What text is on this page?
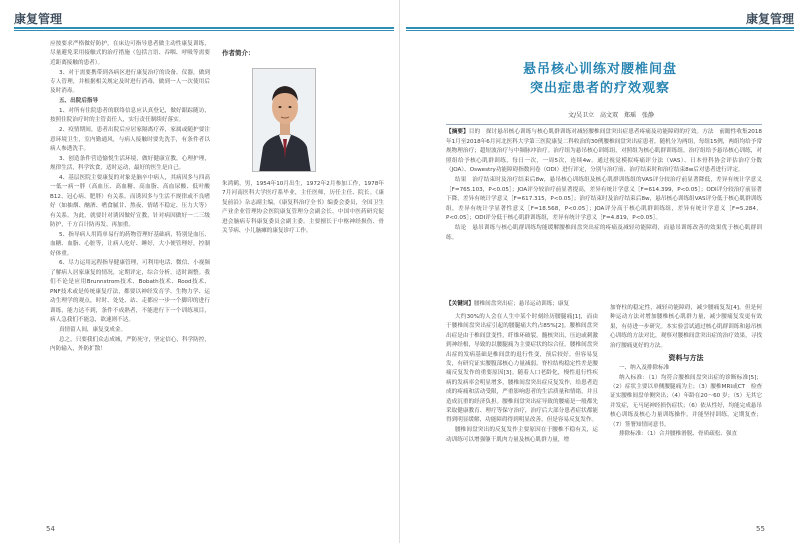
康复管理

应按要求严格做好防护，在床边可指导患者做主动性康复训练，尽量避免采用接触式的治疗措施（包括言语、吞咽、呼吸等需要近距离接触的患者）。

3、对于需要携带到各病区进行康复治疗的设备、仪器，做到专人管理，并根据相关规定及时进行消毒，做到一人一次使用后及时消毒。

五、出院后指导

1、对所有住院患者的联络信息应认真登记，做好跟踪随访，按照住院治疗时的主管责任人，实行责任制续好落实。

2、疫情期间，患者出院后应居家隔离疗养，家属或随护要注意环境卫生，室内勤通风，与病人接触时要先洗手，有条件者以病人参透洗手。

3、创造条件营造愉悦生活环境，做好健康宣教，心理护理，规律生活，科学饮食，适时运动，最好的医生是自己。

4、基层医院主要康复的对象是脑卒中病人，其病因多与四高一低一病一胖（高血压、高血糖、高血脂、高血尿酸、低叶酸　B12、冠心病、肥胖）有关系。而诱因多与生活不规律或不良嗜好（如抽烟、酗酒、嗜食腻甘、熬夜、情绪不稳定、压力大等）有关系。为此，就要针对诱因做好宣教，针对病因做好一二三级防护，千方百计防再发、再加重。

5、指导病人用简单易行的药物管理好基础病，特别是血压、血糖、血脂、心脏等，让病人吃好、睡好，大小便管理好，控制好体重。

6、尽力运用远程指导健康管理，可利用电话、微信、小视频了解病人居家康复的情况，定期评定，综合分析，适时调整。我们不论是应用Brunnstrom技术、Bobath技术、Rood技术、PNF技术或是传统康复疗法，都要以神经发育学、生物力学、运动生理学的观点，时时、处处、站、走都应一步一个脚印的进行训练，能力达不到，条件不成熟者，不能进行下一个训练项目，病人急我们不能急，欲速则不达。

真情留人间，康复变成金。

总之，只要我们众志成城，严防死守，坚定信心，科学防控，内防输入，外防扩散！

作者简介：

朱鸿鹤，男，1954年10月出生，1972年2月参加工作，1978年7月河南医科大学医疗系毕业，主任医师，历任主任、院长。《康复前沿》杂志副主编，《康复科治疗全书》编委会委员，全国卫生产业企业管理协会医院康复管理分会副会长、中国中医药研究促进会脑病专科康复委员会副主委。主要擅长于中枢神经损伤、骨关节病、小儿脑瘫的康复诊疗工作。

54
康复管理
悬吊核心训练对腰椎间盘
突出症患者的疗效观察
文/吴卫立　高文双　郑瑶　张静
【摘要】目的　探讨悬吊核心训练与核心肌群训练对减轻腰椎间盘突出症患者疼痛及功能障碍的疗效。方法　前瞻性收集2018年1月至2018年6月河北医科大学第三医院康复二科收治的30例腰椎间盘突出症患者，随机分为两组，每组15例，两组均给予常规物理治疗；超短波治疗与中频脉冲治疗。治疗组为悬吊核心训练组，对照组为核心肌群训练组，治疗组给予悬吊核心训练，对照组给予核心肌群训练，每日一次，一周5次，连续4w。通过视觉模拟疼痛评分法（VAS）、日本骨科协会评估治疗分数（JOA）、Oswestry功能障碍指数问卷（ODI）进行评定，分别与治疗前、治疗结束时和治疗结束8w后对患者进行评定。
结果　治疗结束时及治疗结束后8w，悬吊核心训练组及核心肌群训练组的VAS评分较治疗前显著降低，差异有统计学意义［F=765.103，P<0.05］；JOA评分较治疗前显著提高，差异有统计学意义［F=614.399，P<0.05］；ODI评分较治疗前显著下降，差异有统计学意义［F=617.315，P<0.05］；治疗结束时及治疗结束后8w，悬吊核心训练组VAS评分低于核心肌群训练组，差异有统计学显著性意义［F=18.568，P<0.05］；JOA评分高于核心肌群训练组，差异有统计学意义［F=5.284，P<0.05］；ODI评分低于核心肌群训练组，差异有统计学意义［F=4.819，P<0.05］。
结论　悬吊训练与核心肌群训练均能缓解腰椎间盘突出症的疼痛及减轻功能障碍，而悬吊训练改善的效果优于核心肌群训练。
【关键词】腰椎间盘突出症；悬吊运动训练；康复

大约30%的人会在人生中某个时刻经历腰腿痛[1]，而由于腰椎间盘突出症引起的腰腿痛大约占85%[2]。腰椎间盘突出症是由于椎间盘变性，纤维环破裂，髓核突出，压迫或刺激到神经根，导致的以腰腿痛为主要症状的综合征。腰椎间盘突出症的发病基础是椎间盘的退行性变，预后较好，但容易复发，有研究证实腰腹部核心力量减弱，脊柱结构稳定性差是腰痛反复发作的重要原因[3]。随着人口老龄化，慢性退行性疾病的发病率会明显增多，腰椎间盘突出症反复发作，给患者造成的疼痛和活动受限，严重影响患者的生活质量和情绪，并且造成沉重的经济负担。腰椎间盘突出症导致的腰痛是一般都先采取健康教育、理疗等保守治疗，治疗后大部分患者症状都能得到明显缓解，功能障碍得到明显改善，但是容易反复发作。

腰椎间盘突出的反复发作主要原因在于腰椎不稳有关，运动训练可以增强躯干肌肉力量及核心肌群力量，增

加脊柱的稳定性，减轻功能障碍，减少腰痛复发[4]。但是何种运动方法对增加腰椎核心肌群力量，减少腰痛复发更有效果，有待进一步研究。本实验尝试通过核心肌群训练和悬吊核心训练的方法对比，观察对腰椎间盘突出症的治疗效果，寻找治疗腰痛更好的方法。

资料与方法

一、纳入及排除标准

纳入标准：（1）均符合腰椎间盘突出症的诊断标准[5]；（2）症状主要以单侧腰腿痛为主；（3）腰椎MRI或CT　检查证实腰椎间盘单侧突出；（4）年龄在20～60 岁；（5）无其它并发症，无马尾神经损伤症状；（6）依从性好，均能完成悬吊核心训练及核心力量训练操作，并能坚持训练，定期复查；（7）签署知情同意书。

排除标准：（1）合并腰椎滑脱、骨质疏松、强直

55
